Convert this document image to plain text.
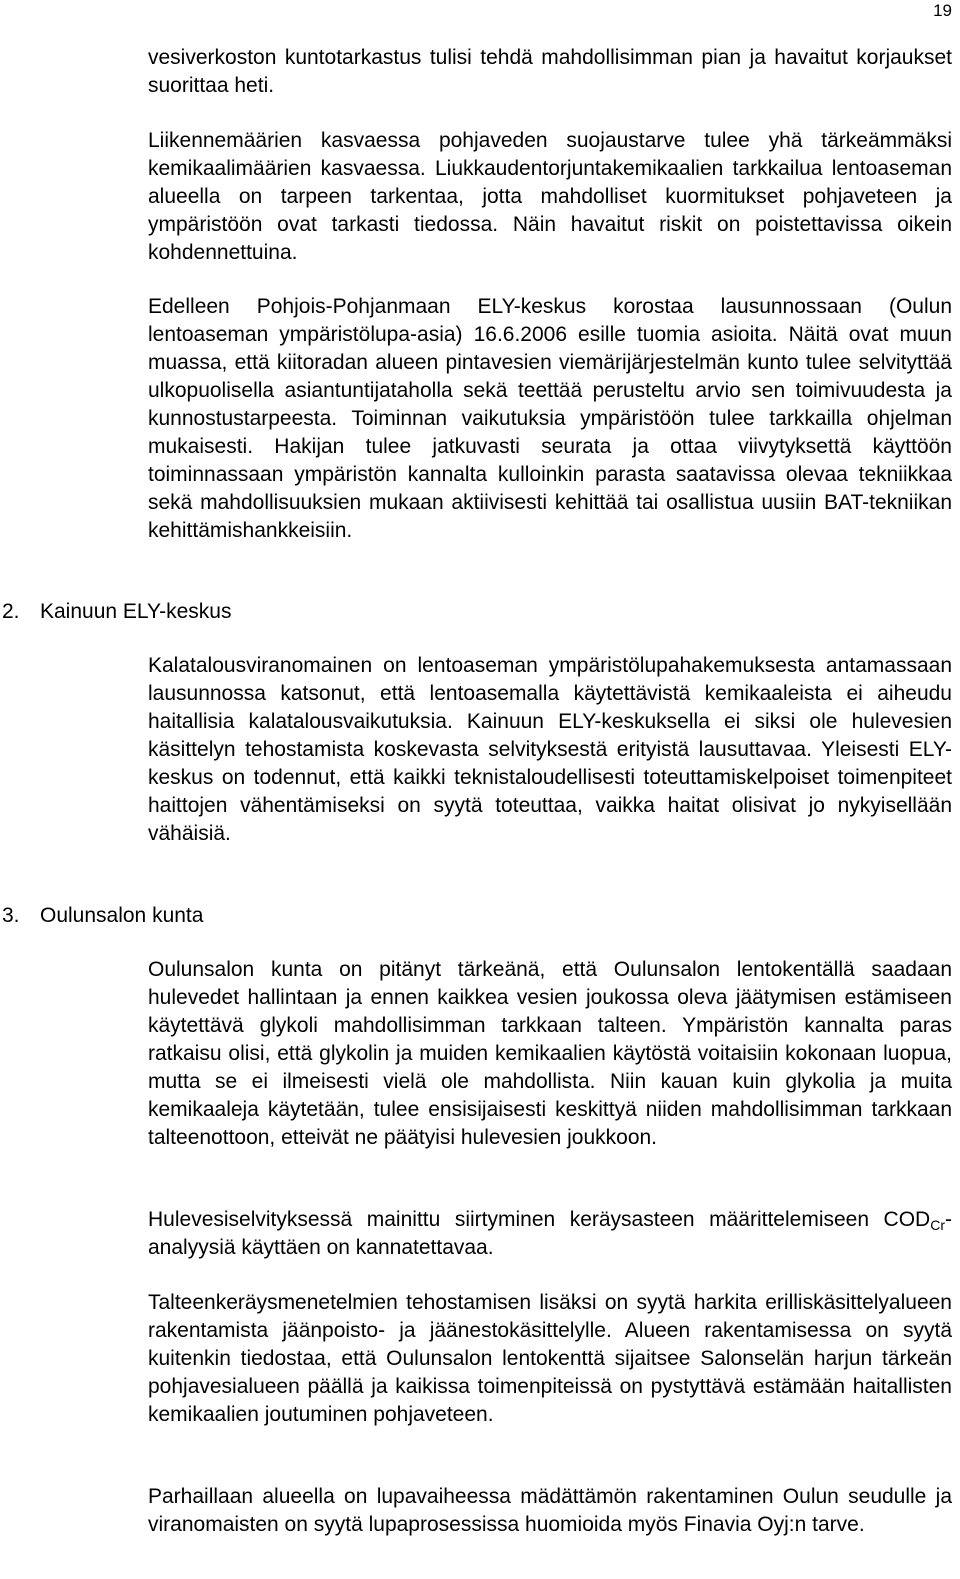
19

vesiverkoston kuntotarkastus tulisi tehdä mahdollisimman pian ja havaitut korjaukset suorittaa heti.

Liikennemäärien kasvaessa pohjaveden suojaustarve tulee yhä tärkeämmäksi kemikaalimäärien kasvaessa. Liukkaudentorjuntakemikaalien tarkkailua lentoaseman alueella on tarpeen tarkentaa, jotta mahdolliset kuormitukset pohjaveteen ja ympäristöön ovat tarkasti tiedossa. Näin havaitut riskit on poistettavissa oikein kohdennettuina.

Edelleen Pohjois-Pohjanmaan ELY-keskus korostaa lausunnossaan (Oulun lentoaseman ympäristölupa-asia) 16.6.2006 esille tuomia asioita. Näitä ovat muun muassa, että kiitoradan alueen pintavesien viemärijärjestelmän kunto tulee selvityttää ulkopuolisella asiantuntijataholla sekä teettää perusteltu arvio sen toimivuudesta ja kunnostustarpeesta. Toiminnan vaikutuksia ympäristöön tulee tarkkailla ohjelman mukaisesti. Hakijan tulee jatkuvasti seurata ja ottaa viivytyksettä käyttöön toiminnassaan ympäristön kannalta kulloinkin parasta saatavissa olevaa tekniikkaa sekä mahdollisuuksien mukaan aktiivisesti kehittää tai osallistua uusiin BAT-tekniikan kehittämishankkeisiin.

2. Kainuun ELY-keskus

Kalatalousviranomainen on lentoaseman ympäristölupahakemuksesta antamassaan lausunnossa katsonut, että lentoasemalla käytettävistä kemikaaleista ei aiheudu haitallisia kalatalousvaikutuksia. Kainuun ELY-keskuksella ei siksi ole hulevesien käsittelyn tehostamista koskevasta selvityksestä erityistä lausuttavaa. Yleisesti ELY-keskus on todennut, että kaikki teknistaloudellisesti toteuttamiskelpoiset toimenpiteet haittojen vähentämiseksi on syytä toteuttaa, vaikka haitat olisivat jo nykyisellään vähäisiä.

3. Oulunsalon kunta

Oulunsalon kunta on pitänyt tärkeänä, että Oulunsalon lentokentällä saadaan hulevedet hallintaan ja ennen kaikkea vesien joukossa oleva jäätymisen estämiseen käytettävä glykoli mahdollisimman tarkkaan talteen. Ympäristön kannalta paras ratkaisu olisi, että glykolin ja muiden kemikaalien käytöstä voitaisiin kokonaan luopua, mutta se ei ilmeisesti vielä ole mahdollista. Niin kauan kuin glykolia ja muita kemikaaleja käytetään, tulee ensisijaisesti keskittyä niiden mahdollisimman tarkkaan talteenottoon, etteivät ne päätyisi hulevesien joukkoon.

Hulevesiselvityksessä mainittu siirtyminen keräysasteen määrittelemiseen $COD_{Cr}$-analyysiä käyttäen on kannatettavaa.

Talteenkeräysmenetelmien tehostamisen lisäksi on syytä harkita erilliskäsittelyalueen rakentamista jäänpoisto- ja jäänestokäsittelylle. Alueen rakentamisessa on syytä kuitenkin tiedostaa, että Oulunsalon lentokenttä sijaitsee Salonselän harjun tärkeän pohjavesialueen päällä ja kaikissa toimenpiteissä on pystyttävä estämään haitallisten kemikaalien joutuminen pohjaveteen.

Parhaillaan alueella on lupavaiheessa mädättämön rakentaminen Oulun seudulle ja viranomaisten on syytä lupaprosessissa huomioida myös Finavia Oyj:n tarve.
